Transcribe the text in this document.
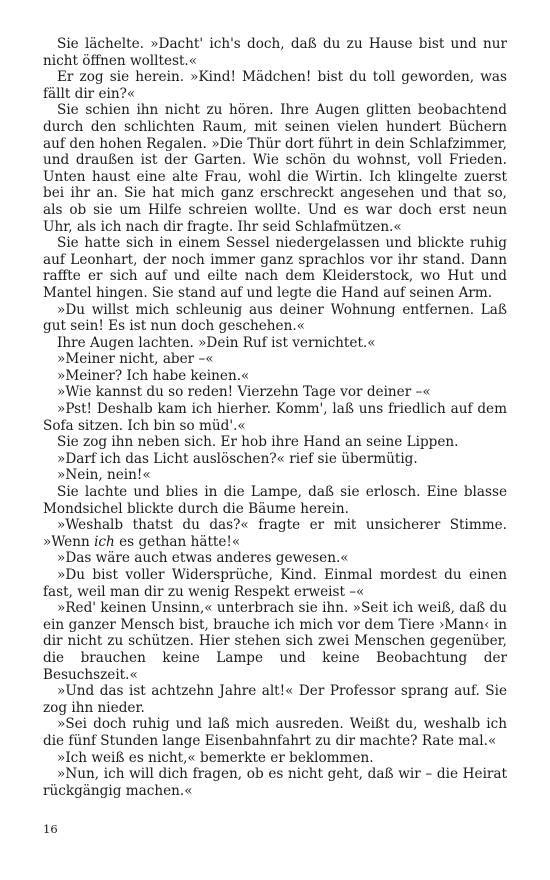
Sie lächelte. »Dacht' ich's doch, daß du zu Hause bist und nur nicht öffnen wolltest.«

Er zog sie herein. »Kind! Mädchen! bist du toll geworden, was fällt dir ein?«

Sie schien ihn nicht zu hören. Ihre Augen glitten beobachtend durch den schlichten Raum, mit seinen vielen hundert Büchern auf den hohen Regalen. »Die Thür dort führt in dein Schlafzimmer, und draußen ist der Garten. Wie schön du wohnst, voll Frieden. Unten haust eine alte Frau, wohl die Wirtin. Ich klingelte zuerst bei ihr an. Sie hat mich ganz erschreckt angesehen und that so, als ob sie um Hilfe schreien wollte. Und es war doch erst neun Uhr, als ich nach dir fragte. Ihr seid Schlafmützen.«

Sie hatte sich in einem Sessel niedergelassen und blickte ruhig auf Leonhart, der noch immer ganz sprachlos vor ihr stand. Dann raffte er sich auf und eilte nach dem Kleiderstock, wo Hut und Mantel hingen. Sie stand auf und legte die Hand auf seinen Arm.

»Du willst mich schleunig aus deiner Wohnung entfernen. Laß gut sein! Es ist nun doch geschehen.«

Ihre Augen lachten. »Dein Ruf ist vernichtet.«

»Meiner nicht, aber –«

»Meiner? Ich habe keinen.«

»Wie kannst du so reden! Vierzehn Tage vor deiner –«

»Pst! Deshalb kam ich hierher. Komm', laß uns friedlich auf dem Sofa sitzen. Ich bin so müd'.«

Sie zog ihn neben sich. Er hob ihre Hand an seine Lippen.

»Darf ich das Licht auslöschen?« rief sie übermütig.

»Nein, nein!«

Sie lachte und blies in die Lampe, daß sie erlosch. Eine blasse Mondsichel blickte durch die Bäume herein.

»Weshalb thatst du das?« fragte er mit unsicherer Stimme. »Wenn ich es gethan hätte!«

»Das wäre auch etwas anderes gewesen.«

»Du bist voller Widersprüche, Kind. Einmal mordest du einen fast, weil man dir zu wenig Respekt erweist –«

»Red' keinen Unsinn,« unterbrach sie ihn. »Seit ich weiß, daß du ein ganzer Mensch bist, brauche ich mich vor dem Tiere ›Mann‹ in dir nicht zu schützen. Hier stehen sich zwei Menschen gegenüber, die brauchen keine Lampe und keine Beobachtung der Besuchszeit.«

»Und das ist achtzehn Jahre alt!« Der Professor sprang auf. Sie zog ihn nieder.

»Sei doch ruhig und laß mich ausreden. Weißt du, weshalb ich die fünf Stunden lange Eisenbahnfahrt zu dir machte? Rate mal.«

»Ich weiß es nicht,« bemerkte er beklommen.

»Nun, ich will dich fragen, ob es nicht geht, daß wir – die Heirat rückgängig machen.«

16
